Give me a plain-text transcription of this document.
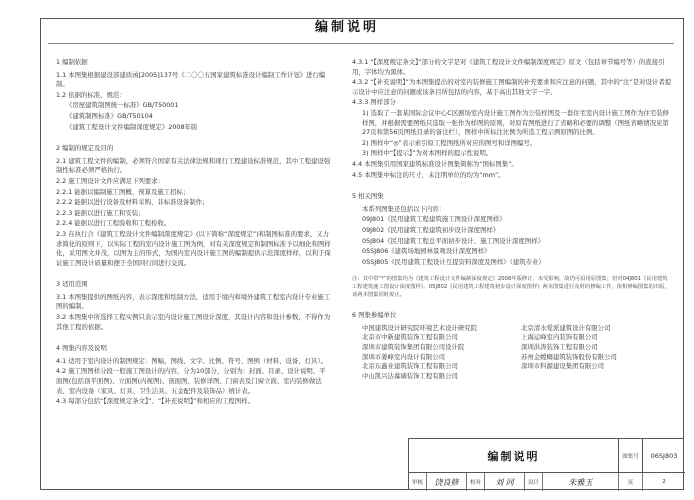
编制说明
1 编制依据
1.1 本图集根据建设部建质函[2005]137号《二〇〇五国家建筑标准设计编制工作计划》进行编制。
1.2 依据的标准、规范：
《房屋建筑制图统一标准》GB/T50001
《建筑制图标准》GB/T50104
《建筑工程设计文件编制深度规定》2008年版
2 编制的规定及目的
2.1 建筑工程文件的编制，必须符合国家有关法律法规和现行工程建设标准规范，其中工程建设强制性标准必须严格执行。
2.2 施工图设计文件应满足下列要求：
2.2.1 能据以编制施工图概、预算及施工招标；
2.2.2 能据以进行设备及材料采购、非标准设备制作；
2.2.3 能据以进行施工和安装；
2.2.4 能据以进行工程验收和工程检收。
2.3 在执行合《建筑工程设计文件编制深度规定》(以下简称“深度规定”)和制图标准的要求，又力求简化的原则下，以实际工程的室内设计施工图为例，对有关深度规定和制图标准予以细化和图样化，采用图文并茂，以图为主的形式，为国内室内设计施工图的编制提供示范深度样样，以利于保证施工图设计质量和便于全国同行间进行交流。
3 适用范围
3.1 本图集提供的图纸内容，表示深度和绘制方法，适用于境内和境外建筑工程室内设计专业施工图的编制。
3.2 本图集中所选择工程实例只表示室内设计施工图设计深度，其设计内容和设计参数，不得作为其他工程的依据。
4 图集内容及说明
4.1 适用于室内设计的制图规定：图幅、图线、文字、比例、符号、图例（材料、设备、灯具）。
4.2 施工图图样分段一般施工图设计的内容，分为10部分，分别为：封面、目录、设计说明、平面图(包括顶平面图)、立面图(内视图)、剖面图、装修详图、门窗表及门窗立面、室内装修做法表、室内设备（家具、灯具、卫生洁具、五金配件及装饰品）统计表。
4.3 每部分包括“【深度规定条文】”、“【补充说明】”和相应的工程图样。
4.3.1 “【深度规定条文】”部分的文字是对《建筑工程设计文件编制深度规定》原文（包括章节编号等）的直接引用，字体均为黑体。
4.3.2 “【补充说明】”为本图集提出的对室内装修施工图编制的补充要求和应注意的问题，其中的“注”是对设计者提示设计中应注意的问题或该条目所包括的内容，基于高出其他文字一字。
4.3.3 图样部分
1) 选取了一套某国际会议中心C区剧场室内设计施工图作为公装样图及一套住宅室内设计施工图作为住宅装修样图，并根据需要图纸只选取一张作为样图的原则，对原有图纸进行了省略和必要的调整（图纸省略情况见第27页和第56页图纸目录的备注栏），图样中所标注比例为所选工程示例原图的比例。
2) 图样中“◎”表示索引原工程图纸所对应的图号和详图编号。
3) 图样中“【提示】”为对本图样的提示性说明。
4.4 本图集引用国家建筑标准设计图集简称为“国标图集”。
4.5 本图集中标注的尺寸，未注明单位的均为“mm”。
5 相关图集
本系列图集还包括以下内容：
09J801《民用建筑工程建筑施工图设计深度图样》
09J802《民用建筑工程建筑初步设计深度图样》
05J804《民用建筑工程总平面初步设计、施工图设计深度图样》
05SJ806《建筑场地园林景观设计深度图样》
05SJ805《民用建筑工程设计互提资料深度及图样》（建筑专业）
注：其中带“*”的图集均为《建筑工程设计文件编制深度规定》2008年版修订，未受影响，故仍可沿用原图集；但对04J801《民用建筑工程建筑施工图设计深度图样》、05J802《民用建筑工程建筑初步设计深度图样》两本图集进行及时的修编工作，依相修编图集的出版，该两本图集同时废止。
6 图集参编单位
中国建筑设计研究院环境艺术设计研究院	北京清水爱派建筑设计有限公司
北京市中新建筑装饰工程有限公司	上海运峰室内装饰有限公司
深圳市建筑装饰集团有限公司设计院	深圳洪涛装饰工程有限公司
深圳市姜峰室内设计有限公司	苏州金螳螂建筑装饰股份有限公司
北京东鑫业建筑装饰工程有限公司	深圳市科源建设集团有限公司
中山凯兴达幕墙装饰工程有限公司
编制说明	图集号	06SJ803
审核	饶良修	校对	刘 同	设计	朱雅玉	页	2
